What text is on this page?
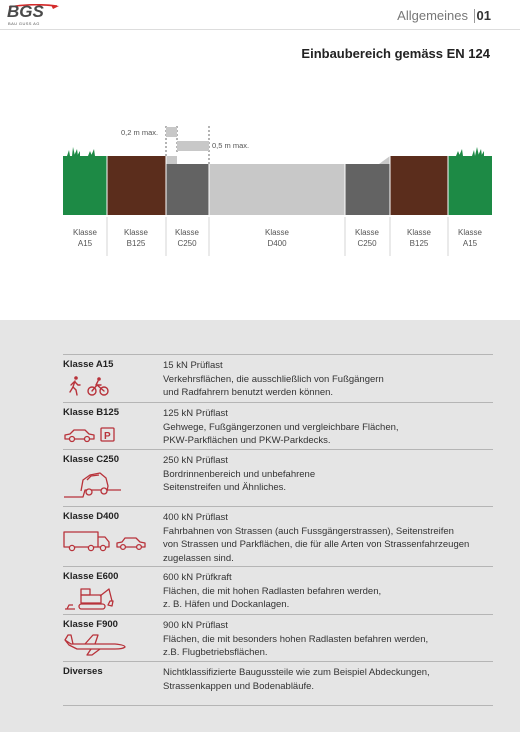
BGS
BAU GUSS AG
Allgemeines 01
Einbaubereich gemäss EN 124
0,2 m max.
0,5 m max.
Klasse
A15
Klasse
B125
Klasse
C250
Klasse
D400
Klasse
C250
Klasse
B125
Klasse
A15
Klasse A15	15 kN Prüflast
Verkehrsflächen, die ausschließlich von Fußgängern
und Radfahrern benutzt werden können.
Klasse B125
P
125 kN Prüflast
Gehwege, Fußgängerzonen und vergleichbare Flächen,
PKW-Parkflächen und PKW-Parkdecks.
Klasse C250	250 kN Prüflast
Bordrinnenbereich und unbefahrene
Seitenstreifen und Ähnliches.
Klasse D400	400 kN Prüflast
Fahrbahnen von Strassen (auch Fussgängerstrassen), Seitenstreifen
von Strassen und Parkflächen, die für alle Arten von Strassenfahrzeugen
zugelassen sind.
Klasse E600	600 kN Prüfkraft
Flächen, die mit hohen Radlasten befahren werden,
z. B. Häfen und Dockanlagen.
Klasse F900	900 kN Prüflast
Flächen, die mit besonders hohen Radlasten befahren werden,
z.B. Flugbetriebsflächen.
Diverses	Nichtklassifizierte Baugussteile wie zum Beispiel Abdeckungen,
Strassenkappen und Bodenabläufe.
